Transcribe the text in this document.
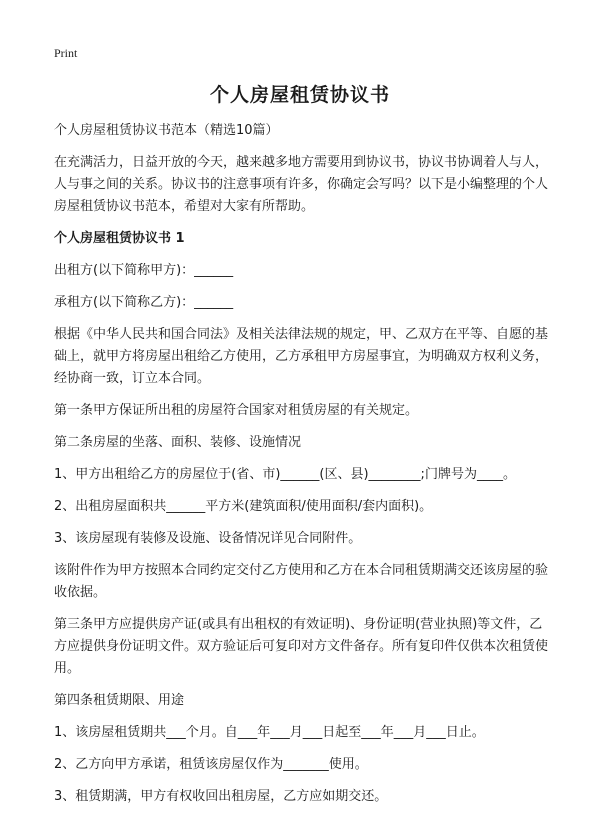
Print
个人房屋租赁协议书

个人房屋租赁协议书范本（精选10篇）

在充满活力，日益开放的今天，越来越多地方需要用到协议书，协议书协调着人与人，人与事之间的关系。协议书的注意事项有许多，你确定会写吗？以下是小编整理的个人房屋租赁协议书范本，希望对大家有所帮助。

个人房屋租赁协议书 1

出租方(以下简称甲方)：______

承租方(以下简称乙方)：______

根据《中华人民共和国合同法》及相关法律法规的规定，甲、乙双方在平等、自愿的基础上，就甲方将房屋出租给乙方使用，乙方承租甲方房屋事宜，为明确双方权利义务，经协商一致，订立本合同。

第一条甲方保证所出租的房屋符合国家对租赁房屋的有关规定。

第二条房屋的坐落、面积、装修、设施情况

1、甲方出租给乙方的房屋位于(省、市)______(区、县)________;门牌号为____。

2、出租房屋面积共______平方米(建筑面积/使用面积/套内面积)。

3、该房屋现有装修及设施、设备情况详见合同附件。

该附件作为甲方按照本合同约定交付乙方使用和乙方在本合同租赁期满交还该房屋的验收依据。

第三条甲方应提供房产证(或具有出租权的有效证明)、身份证明(营业执照)等文件，乙方应提供身份证明文件。双方验证后可复印对方文件备存。所有复印件仅供本次租赁使用。

第四条租赁期限、用途

1、该房屋租赁期共___个月。自___年___月___日起至___年___月___日止。

2、乙方向甲方承诺，租赁该房屋仅作为_______使用。

3、租赁期满，甲方有权收回出租房屋，乙方应如期交还。
